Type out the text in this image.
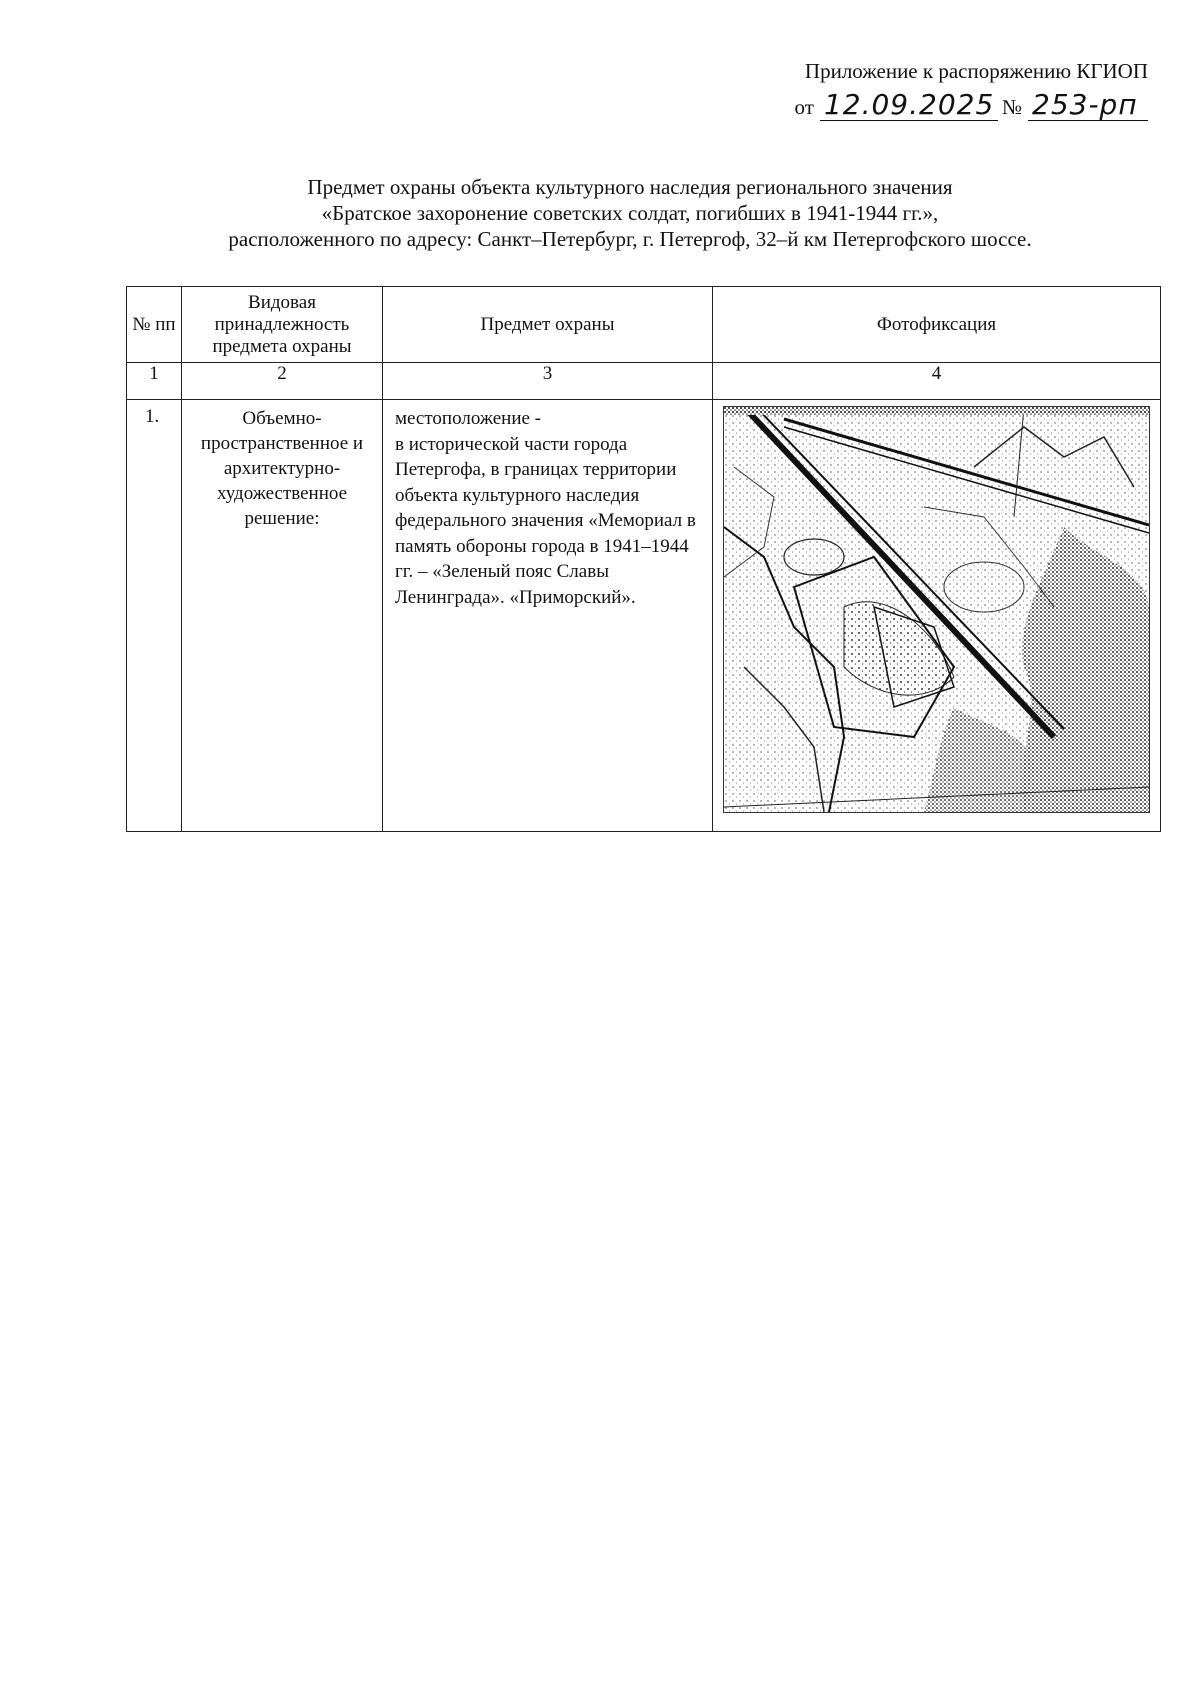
Приложение к распоряжению КГИОП
от 12.09.2025 № 253-рп
Предмет охраны объекта культурного наследия регионального значения
«Братское захоронение советских солдат, погибших в 1941-1944 гг.»,
расположенного по адресу: Санкт–Петербург, г. Петергоф, 32–й км Петергофского шоссе.
№ пп	Видовая принадлежность предмета охраны	Предмет охраны	Фотофиксация
1	2	3	4
1.	Объемно-пространственное и архитектурно-художественное решение:	местоположение -
в исторической части города Петергофа, в границах территории объекта культурного наследия федерального значения «Мемориал в память обороны города в 1941–1944 гг. – «Зеленый пояс Славы Ленинграда». «Приморский».	
